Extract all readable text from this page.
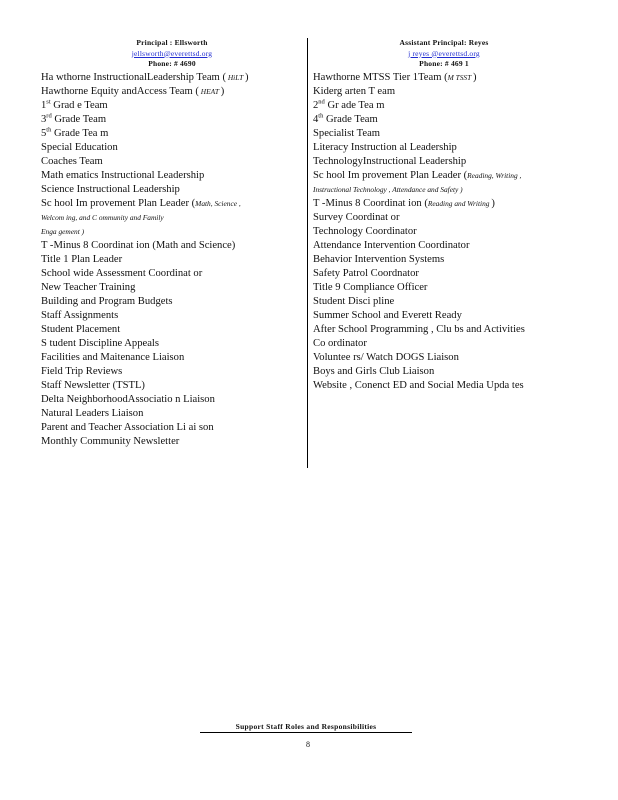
Principal : Ellsworth
jellsworth@everettsd.org
Phone: # 4690
Ha wthorne InstructionalLeadership Team ( HiLT )
Hawthorne Equity andAccess Team ( HEAT )
1st Grad e Team
3rd Grade Team
5th Grade Tea m
Special Education
Coaches Team
Math ematics Instructional Leadership
Science Instructional Leadership
Sc hool Im provement Plan Leader (Math, Science ,
Welcom ing, and C ommunity and Family
Enga gement )
T -Minus 8 Coordinat ion (Math and Science)
Title 1 Plan Leader
School wide Assessment Coordinat or
New Teacher Training
Building and Program Budgets
Staff Assignments
Student Placement
S tudent Discipline Appeals
Facilities and Maitenance Liaison
Field Trip Reviews
Staff Newsletter (TSTL)
Delta NeighborhoodAssociatio n Liaison
Natural Leaders Liaison
Parent and Teacher Association Li ai son
Monthly Community Newsletter
Assistant Principal: Reyes
j reyes @everettsd.org
Phone: # 469 1
Hawthorne MTSS Tier 1Team (M TSST )
Kiderg arten T eam
2nd Gr ade Tea m
4th Grade Team
Specialist Team
Literacy Instruction al Leadership
TechnologyInstructional Leadership
Sc hool Im provement Plan Leader (Reading, Writing ,
Instructional Technology , Attendance and Safety )
T -Minus 8 Coordinat ion (Reading and Writing )
Survey Coordinat or
Technology Coordinator
Attendance Intervention Coordinator
Behavior Intervention Systems
Safety Patrol Coordnator
Title 9 Compliance Officer
Student Disci pline
Summer School and Everett Ready
After School Programming , Clu bs and Activities
Co ordinator
Voluntee rs/ Watch DOGS Liaison
Boys and Girls Club Liaison
Website , Conenct ED and Social Media Upda tes
Support Staff Roles and Responsibilities
8
